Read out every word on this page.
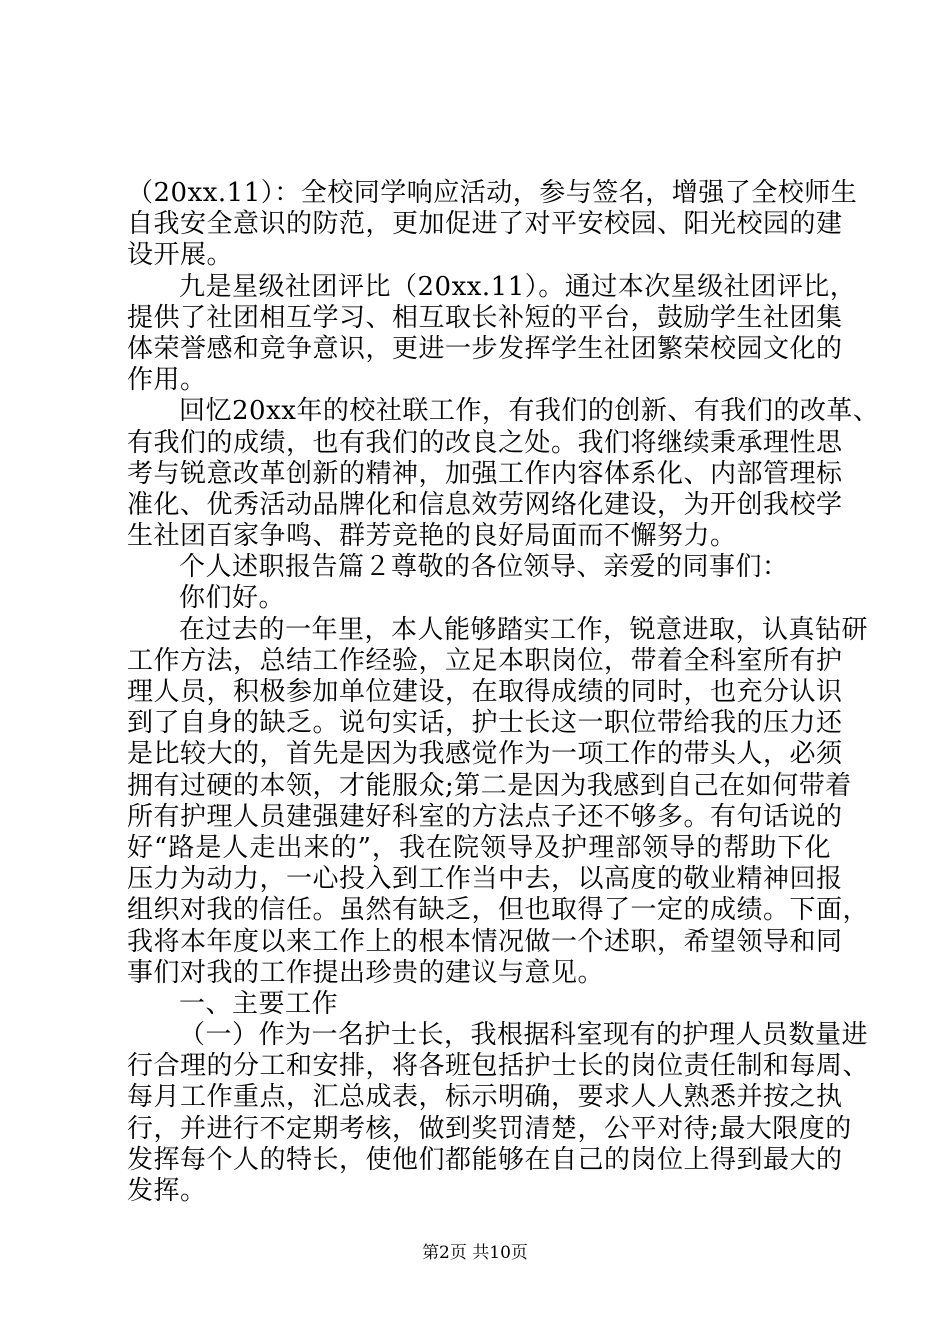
（20xx.11）：全校同学响应活动，参与签名，增强了全校师生
自我安全意识的防范，更加促进了对平安校园、阳光校园的建
设开展。
九是星级社团评比（20xx.11）。通过本次星级社团评比，
提供了社团相互学习、相互取长补短的平台，鼓励学生社团集
体荣誉感和竞争意识，更进一步发挥学生社团繁荣校园文化的
作用。
回忆20xx年的校社联工作，有我们的创新、有我们的改革、
有我们的成绩，也有我们的改良之处。我们将继续秉承理性思
考与锐意改革创新的精神，加强工作内容体系化、内部管理标
准化、优秀活动品牌化和信息效劳网络化建设，为开创我校学
生社团百家争鸣、群芳竞艳的良好局面而不懈努力。
个人述职报告篇２尊敬的各位领导、亲爱的同事们：
你们好。
在过去的一年里，本人能够踏实工作，锐意进取，认真钻研
工作方法，总结工作经验，立足本职岗位，带着全科室所有护
理人员，积极参加单位建设，在取得成绩的同时，也充分认识
到了自身的缺乏。说句实话，护士长这一职位带给我的压力还
是比较大的，首先是因为我感觉作为一项工作的带头人，必须
拥有过硬的本领，才能服众;第二是因为我感到自己在如何带着
所有护理人员建强建好科室的方法点子还不够多。有句话说的
好“路是人走出来的”，我在院领导及护理部领导的帮助下化
压力为动力，一心投入到工作当中去，以高度的敬业精神回报
组织对我的信任。虽然有缺乏，但也取得了一定的成绩。下面，
我将本年度以来工作上的根本情况做一个述职，希望领导和同
事们对我的工作提出珍贵的建议与意见。
一、主要工作
（一）作为一名护士长，我根据科室现有的护理人员数量进
行合理的分工和安排，将各班包括护士长的岗位责任制和每周、
每月工作重点，汇总成表，标示明确，要求人人熟悉并按之执
行，并进行不定期考核，做到奖罚清楚，公平对待;最大限度的
发挥每个人的特长，使他们都能够在自己的岗位上得到最大的
发挥。
第2页 共10页
